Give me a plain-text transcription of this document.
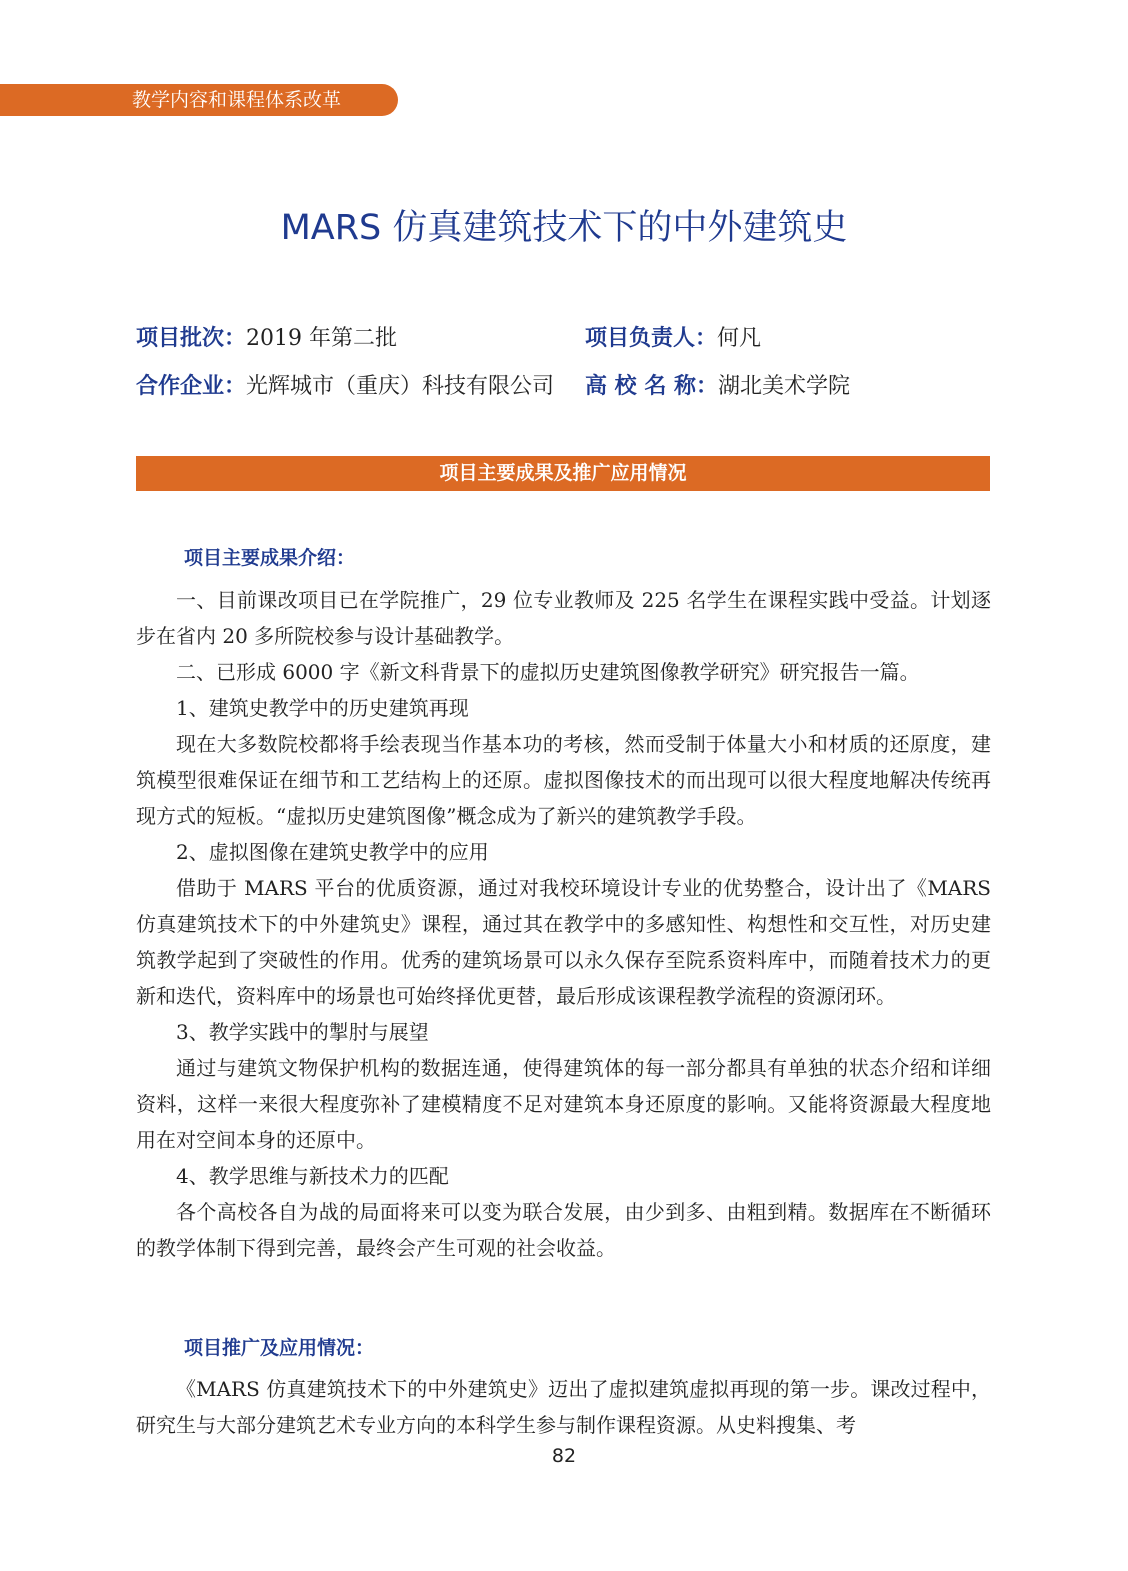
教学内容和课程体系改革
MARS 仿真建筑技术下的中外建筑史
项目批次：2019 年第二批	项目负责人：何凡
合作企业： 光辉城市（重庆）科技有限公司 高 校 名 称：湖北美术学院
项目主要成果及推广应用情况
项目主要成果介绍：

一、目前课改项目已在学院推广，29 位专业教师及 225 名学生在课程实践中受益。计划逐步在省内 20 多所院校参与设计基础教学。

二、已形成 6000 字《新文科背景下的虚拟历史建筑图像教学研究》研究报告一篇。

1、建筑史教学中的历史建筑再现

现在大多数院校都将手绘表现当作基本功的考核，然而受制于体量大小和材质的还原度，建筑模型很难保证在细节和工艺结构上的还原。虚拟图像技术的而出现可以很大程度地解决传统再现方式的短板。“虚拟历史建筑图像”概念成为了新兴的建筑教学手段。

2、虚拟图像在建筑史教学中的应用

借助于 MARS 平台的优质资源，通过对我校环境设计专业的优势整合，设计出了《MARS 仿真建筑技术下的中外建筑史》课程，通过其在教学中的多感知性、构想性和交互性，对历史建筑教学起到了突破性的作用。优秀的建筑场景可以永久保存至院系资料库中，而随着技术力的更新和迭代，资料库中的场景也可始终择优更替，最后形成该课程教学流程的资源闭环。

3、教学实践中的掣肘与展望

通过与建筑文物保护机构的数据连通，使得建筑体的每一部分都具有单独的状态介绍和详细资料，这样一来很大程度弥补了建模精度不足对建筑本身还原度的影响。又能将资源最大程度地用在对空间本身的还原中。

4、教学思维与新技术力的匹配

各个高校各自为战的局面将来可以变为联合发展，由少到多、由粗到精。数据库在不断循环的教学体制下得到完善，最终会产生可观的社会收益。

项目推广及应用情况：

《MARS 仿真建筑技术下的中外建筑史》迈出了虚拟建筑虚拟再现的第一步。课改过程中，研究生与大部分建筑艺术专业方向的本科学生参与制作课程资源。从史料搜集、考

82
